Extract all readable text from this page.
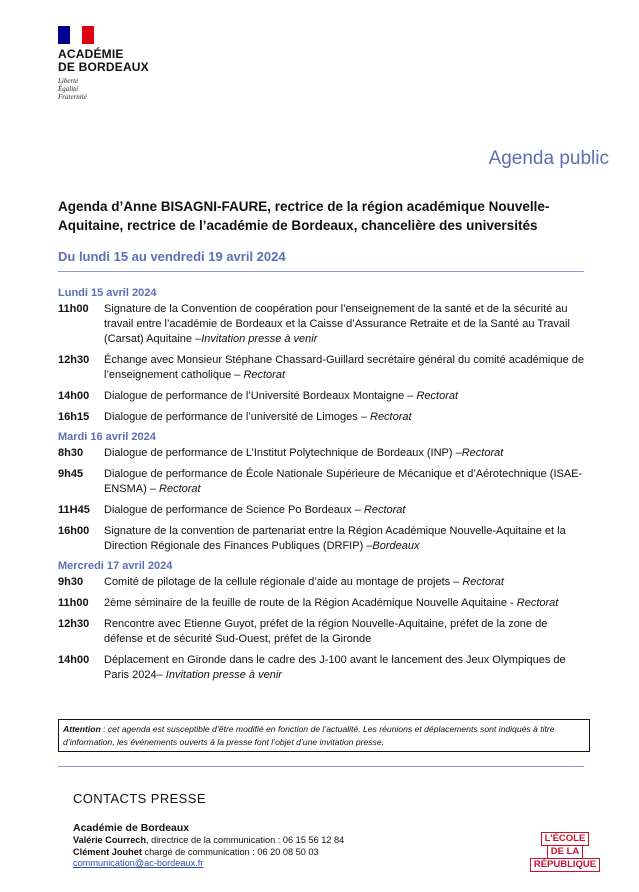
ACADÉMIE
DE BORDEAUX
Liberté
Égalité
Fraternité
Agenda public
Agenda d’Anne BISAGNI-FAURE, rectrice de la région académique Nouvelle-Aquitaine, rectrice de l’académie de Bordeaux, chancelière des universités
Du lundi 15 au vendredi 19 avril 2024
Lundi 15 avril 2024
11h00	Signature de la Convention de coopération pour l’enseignement de la santé et de la sécurité au travail entre l’académie de Bordeaux et la Caisse d’Assurance Retraite et de la Santé au Travail (Carsat) Aquitaine –Invitation presse à venir
12h30	Échange avec Monsieur Stéphane Chassard-Guillard secrétaire général du comité académique de l’enseignement catholique – Rectorat
14h00	Dialogue de performance de l’Université Bordeaux Montaigne – Rectorat
16h15	Dialogue de performance de l’université de Limoges – Rectorat
Mardi 16 avril 2024
8h30	Dialogue de performance de L’Institut Polytechnique de Bordeaux (INP) –Rectorat
9h45	Dialogue de performance de École Nationale Supérieure de Mécanique et d’Aérotechnique (ISAE-ENSMA) – Rectorat
11H45	Dialogue de performance de Science Po Bordeaux – Rectorat
16h00	Signature de la convention de partenariat entre la Région Académique Nouvelle-Aquitaine et la Direction Régionale des Finances Publiques (DRFIP) –Bordeaux
Mercredi 17 avril 2024
9h30	Comité de pilotage de la cellule régionale d’aide au montage de projets – Rectorat
11h00	2ème séminaire de la feuille de route de la Région Académique Nouvelle Aquitaine - Rectorat
12h30	Rencontre avec Etienne Guyot, préfet de la région Nouvelle-Aquitaine, préfet de la zone de défense et de sécurité Sud-Ouest, préfet de la Gironde
14h00	Déplacement en Gironde dans le cadre des J-100 avant le lancement des Jeux Olympiques de Paris 2024– Invitation presse à venir
Attention : cet agenda est susceptible d’être modifié en fonction de l’actualité. Les réunions et déplacements sont indiqués à titre d’information, les événements ouverts à la presse font l’objet d’une invitation presse.
CONTACTS PRESSE
Académie de Bordeaux
Valérie Courrech, directrice de la communication : 06 15 56 12 84
Clément Jouhet chargé de communication : 06 20 08 50 03
communication@ac-bordeaux.fr
L’ÉCOLE
DE LA
RÉPUBLIQUE
